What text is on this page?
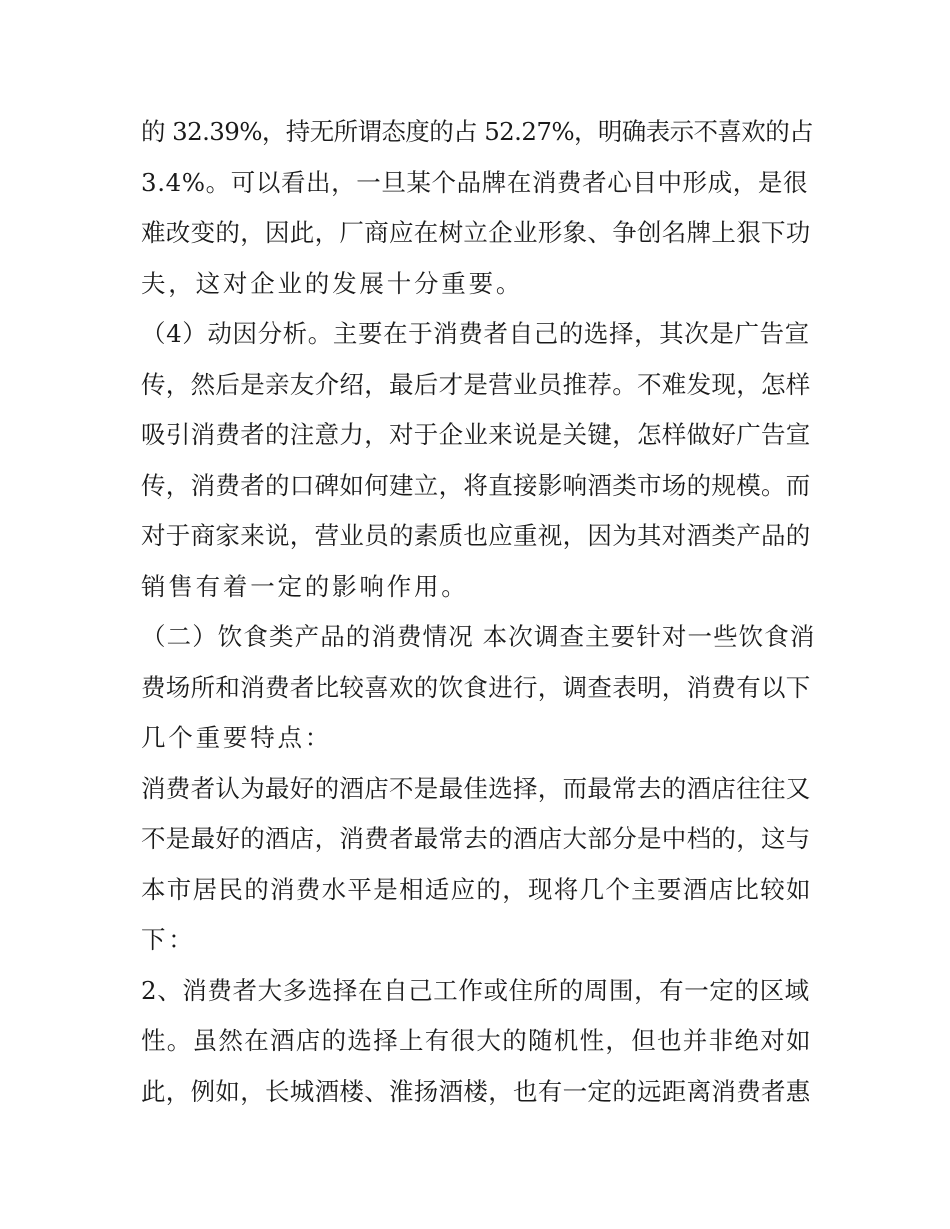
的 32.39%，持无所谓态度的占 52.27%，明确表示不喜欢的占
3.4%。可以看出，一旦某个品牌在消费者心目中形成，是很
难改变的，因此，厂商应在树立企业形象、争创名牌上狠下功
夫，这对企业的发展十分重要。
（4）动因分析。主要在于消费者自己的选择，其次是广告宣
传，然后是亲友介绍，最后才是营业员推荐。不难发现，怎样
吸引消费者的注意力，对于企业来说是关键，怎样做好广告宣
传，消费者的口碑如何建立，将直接影响酒类市场的规模。而
对于商家来说，营业员的素质也应重视，因为其对酒类产品的
销售有着一定的影响作用。
（二）饮食类产品的消费情况 本次调查主要针对一些饮食消
费场所和消费者比较喜欢的饮食进行，调查表明，消费有以下
几个重要特点：
消费者认为最好的酒店不是最佳选择，而最常去的酒店往往又
不是最好的酒店，消费者最常去的酒店大部分是中档的，这与
本市居民的消费水平是相适应的，现将几个主要酒店比较如
下：
2、消费者大多选择在自己工作或住所的周围，有一定的区域
性。虽然在酒店的选择上有很大的随机性，但也并非绝对如
此，例如，长城酒楼、淮扬酒楼，也有一定的远距离消费者惠
